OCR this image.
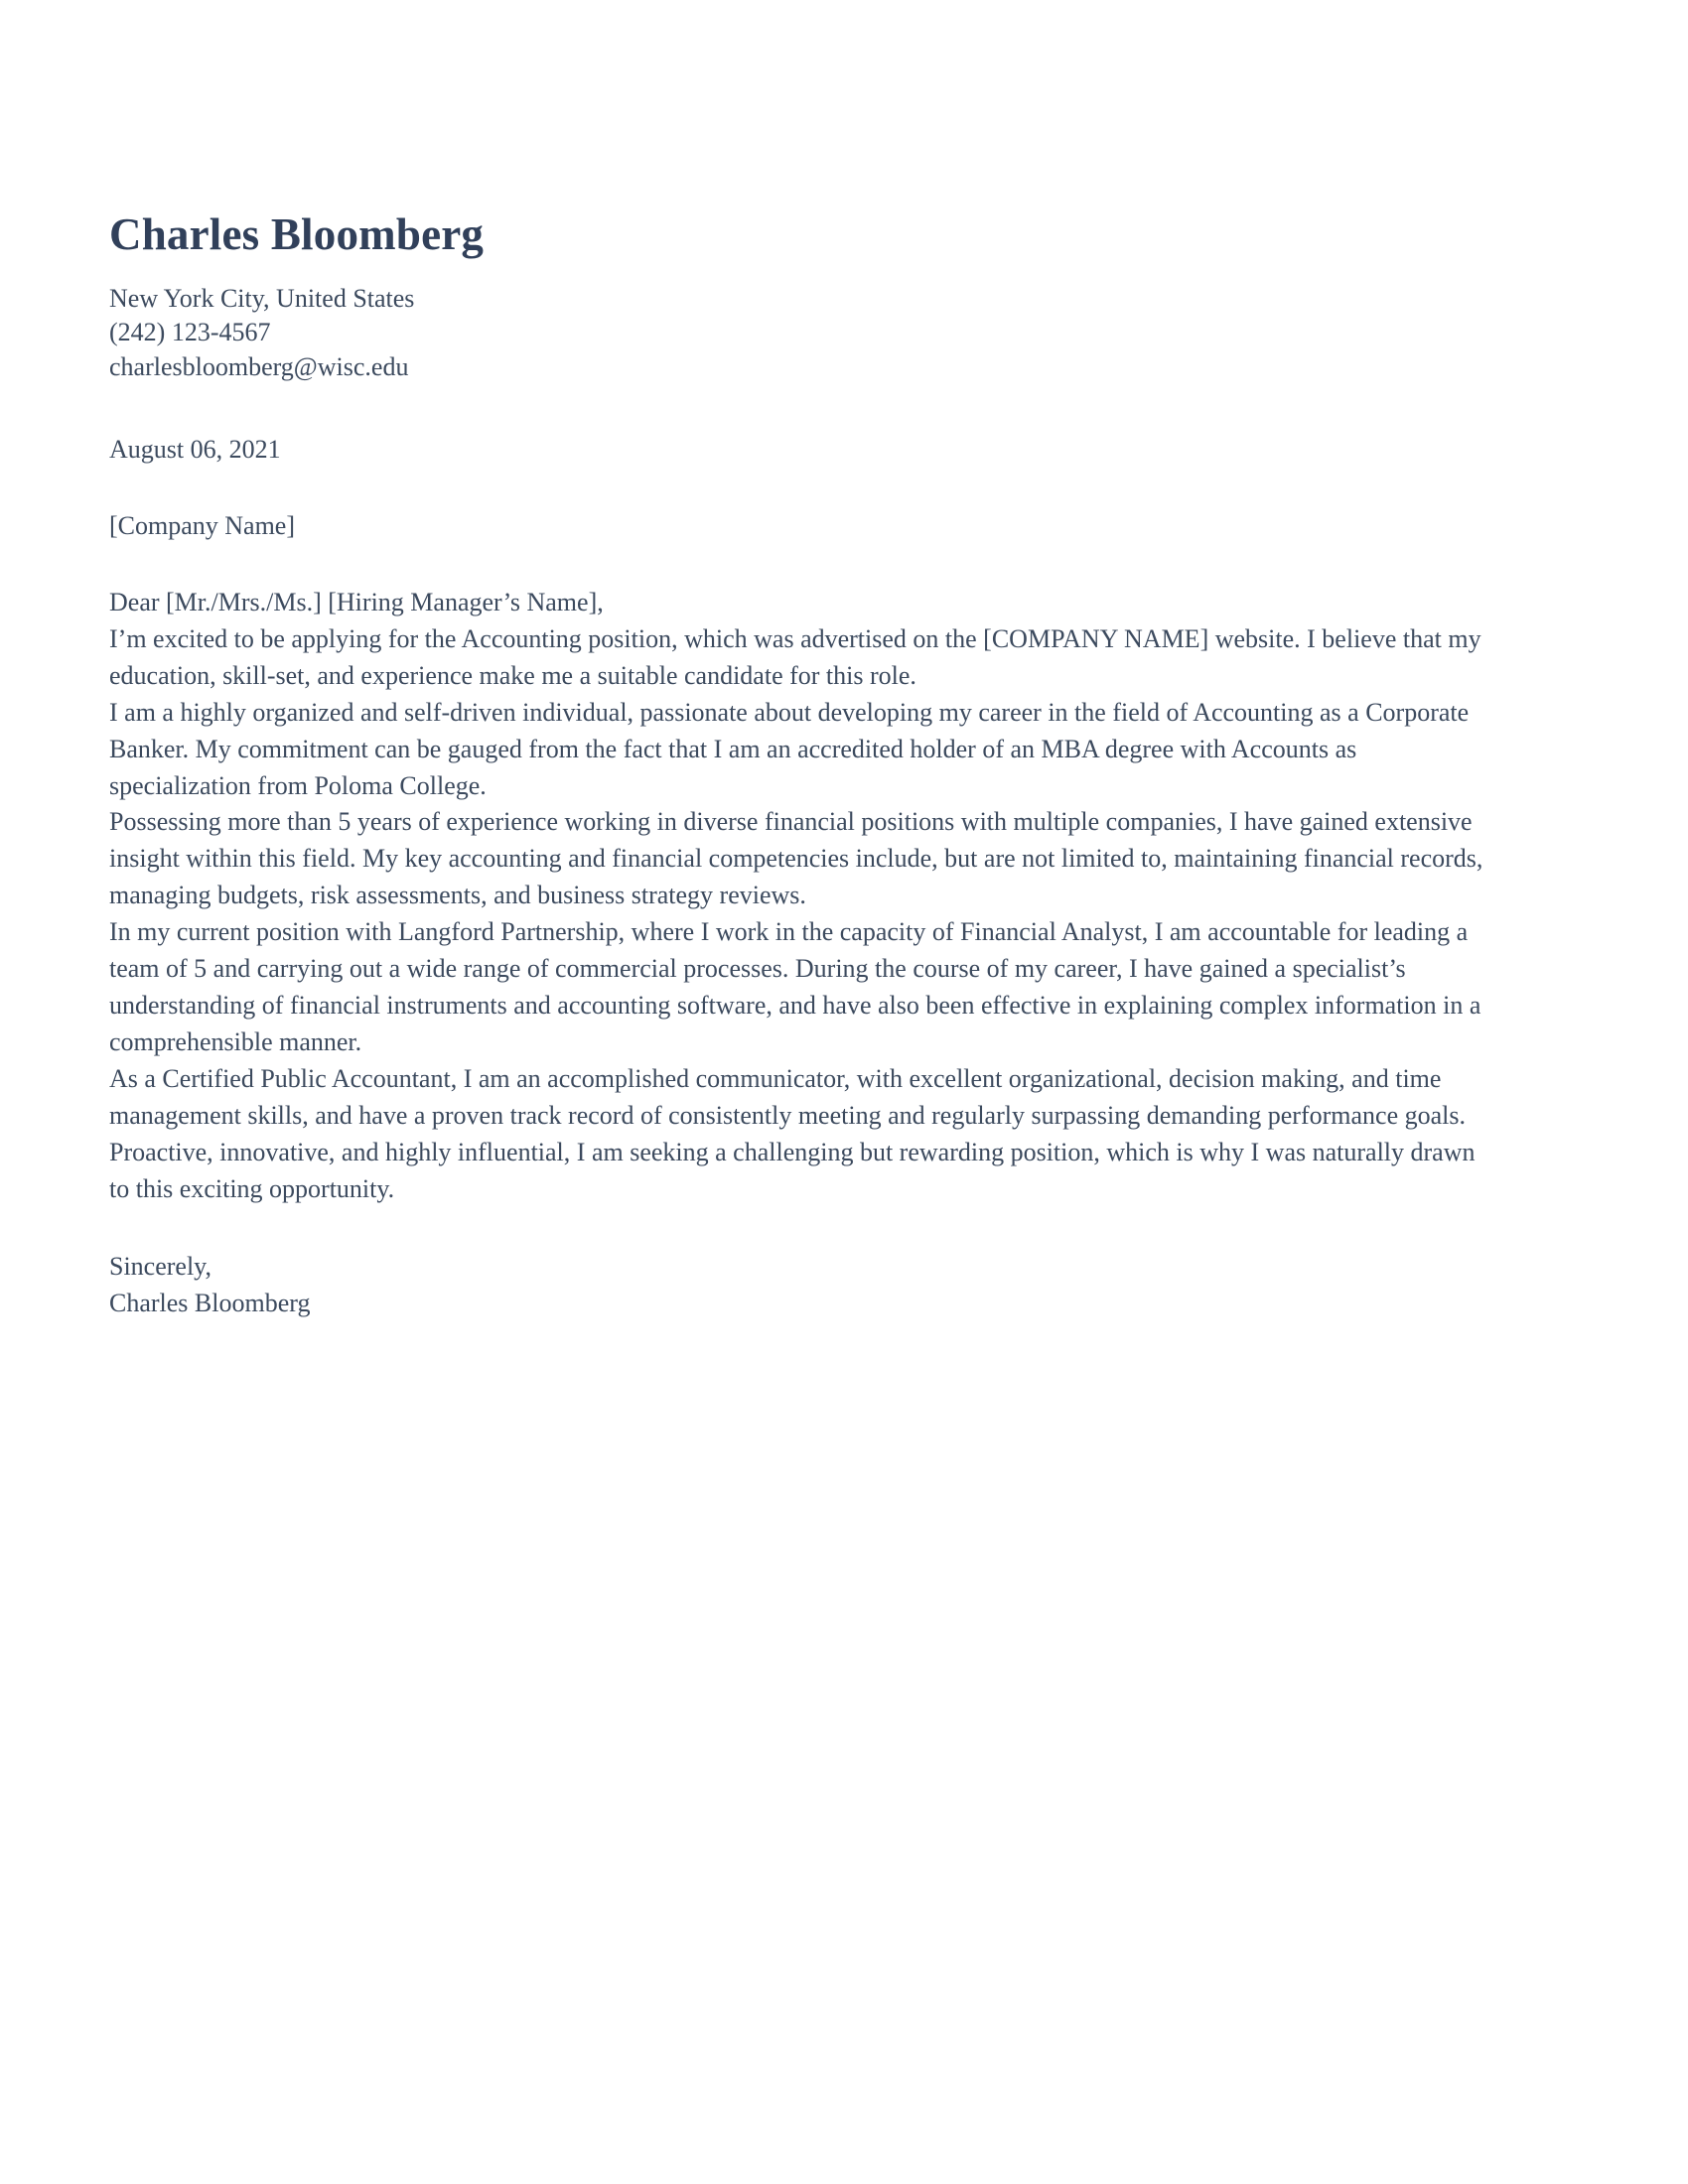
Charles Bloomberg
New York City, United States
(242) 123-4567
charlesbloomberg@wisc.edu

August 06, 2021

[Company Name]

Dear [Mr./Mrs./Ms.] [Hiring Manager’s Name],

I’m excited to be applying for the Accounting position, which was advertised on the [COMPANY NAME] website. I believe that my education, skill-set, and experience make me a suitable candidate for this role.

I am a highly organized and self-driven individual, passionate about developing my career in the field of Accounting as a Corporate Banker. My commitment can be gauged from the fact that I am an accredited holder of an MBA degree with Accounts as specialization from Poloma College.

Possessing more than 5 years of experience working in diverse financial positions with multiple companies, I have gained extensive insight within this field. My key accounting and financial competencies include, but are not limited to, maintaining financial records, managing budgets, risk assessments, and business strategy reviews.

In my current position with Langford Partnership, where I work in the capacity of Financial Analyst, I am accountable for leading a team of 5 and carrying out a wide range of commercial processes. During the course of my career, I have gained a specialist’s understanding of financial instruments and accounting software, and have also been effective in explaining complex information in a comprehensible manner.

As a Certified Public Accountant, I am an accomplished communicator, with excellent organizational, decision making, and time management skills, and have a proven track record of consistently meeting and regularly surpassing demanding performance goals.

Proactive, innovative, and highly influential, I am seeking a challenging but rewarding position, which is why I was naturally drawn to this exciting opportunity.

Sincerely,
Charles Bloomberg
